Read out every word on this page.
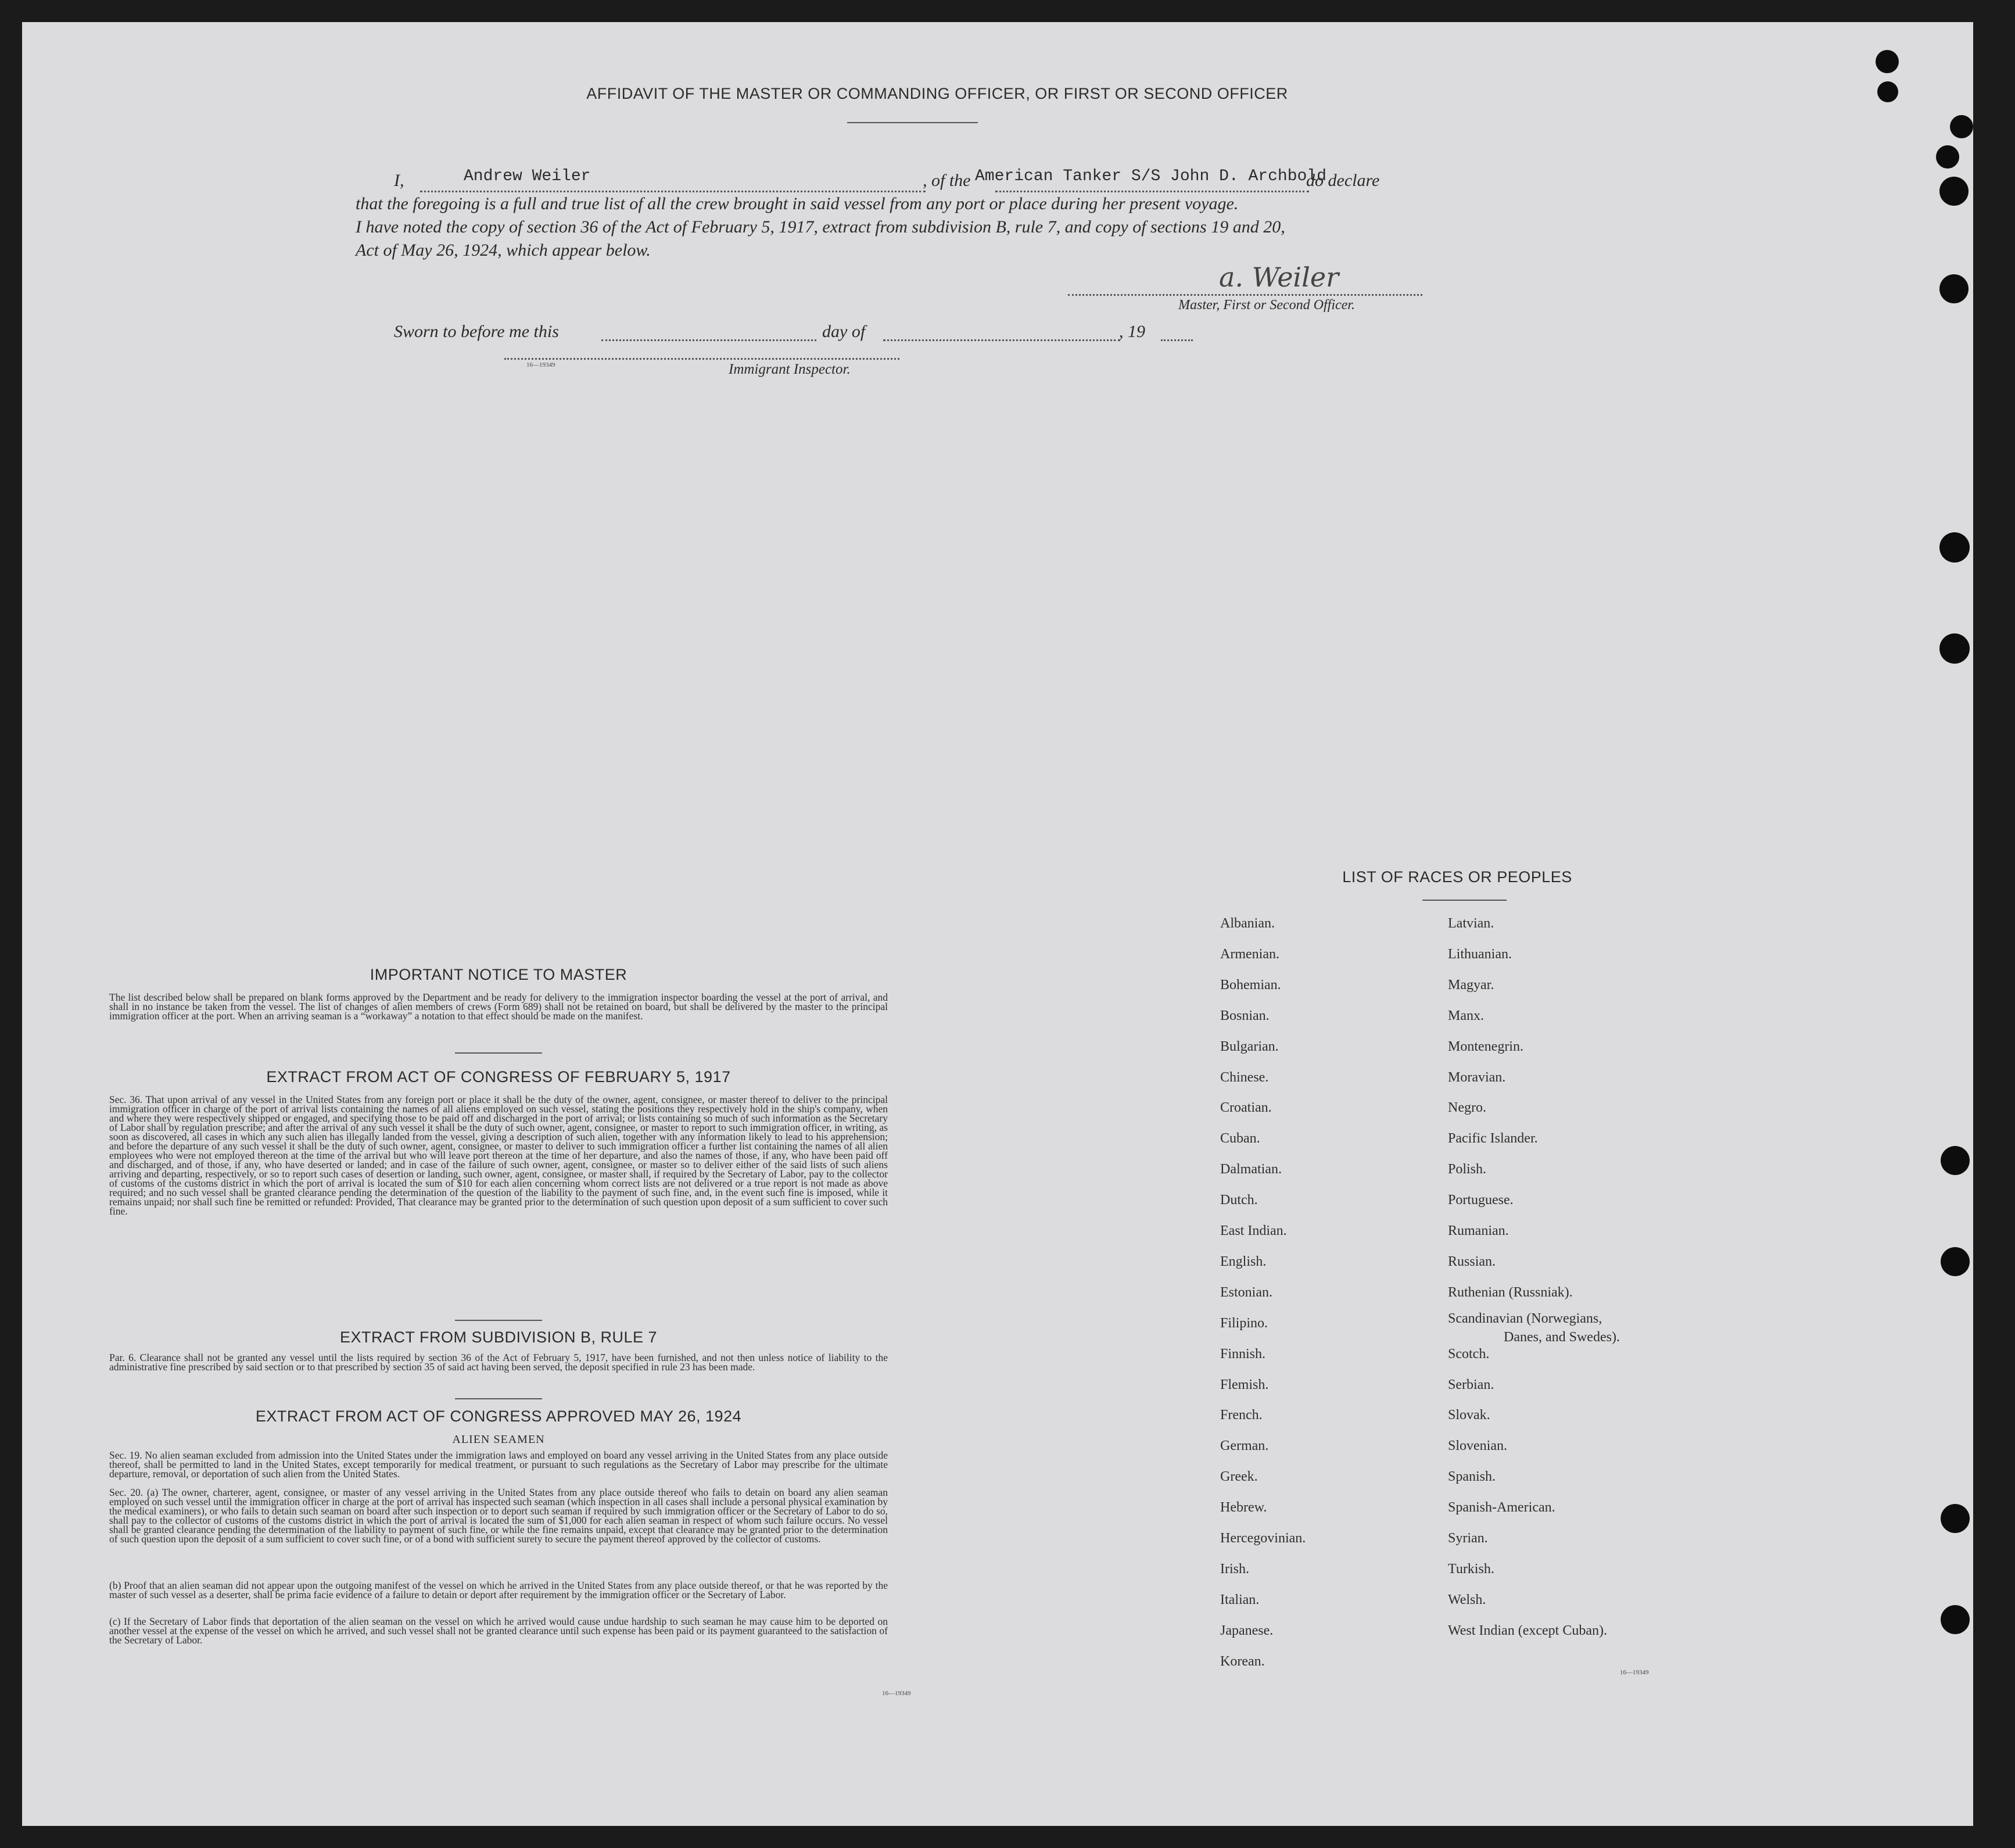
AFFIDAVIT OF THE MASTER OR COMMANDING OFFICER, OR FIRST OR SECOND OFFICER
I,	Andrew Weiler	, of the American Tanker S/S John D. Archbold
do declare
that the foregoing is a full and true list of all the crew brought in said vessel from any port or place during her present voyage.
I have noted the copy of section 36 of the Act of February 5, 1917, extract from subdivision B, rule 7, and copy of sections 19 and 20,
Act of May 26, 1924, which appear below.
a. Weiler
Master, First or Second Officer.
Sworn to before me this	day of	, 19
16—19349	Immigrant Inspector.
IMPORTANT NOTICE TO MASTER
The list described below shall be prepared on blank forms approved by the Department and be ready for delivery to the immigration inspector boarding the vessel at the port of arrival, and shall in no instance be taken from the vessel. The list of changes of alien members of crews (Form 689) shall not be retained on board, but shall be delivered by the master to the principal immigration officer at the port. When an arriving seaman is a “workaway” a notation to that effect should be made on the manifest.
EXTRACT FROM ACT OF CONGRESS OF FEBRUARY 5, 1917
Sec. 36. That upon arrival of any vessel in the United States from any foreign port or place it shall be the duty of the owner, agent, consignee, or master thereof to deliver to the principal immigration officer in charge of the port of arrival lists containing the names of all aliens employed on such vessel, stating the positions they respectively hold in the ship's company, when and where they were respectively shipped or engaged, and specifying those to be paid off and discharged in the port of arrival; or lists containing so much of such information as the Secretary of Labor shall by regulation prescribe; and after the arrival of any such vessel it shall be the duty of such owner, agent, consignee, or master to report to such immigration officer, in writing, as soon as discovered, all cases in which any such alien has illegally landed from the vessel, giving a description of such alien, together with any information likely to lead to his apprehension; and before the departure of any such vessel it shall be the duty of such owner, agent, consignee, or master to deliver to such immigration officer a further list containing the names of all alien employees who were not employed thereon at the time of the arrival but who will leave port thereon at the time of her departure, and also the names of those, if any, who have been paid off and discharged, and of those, if any, who have deserted or landed; and in case of the failure of such owner, agent, consignee, or master so to deliver either of the said lists of such aliens arriving and departing, respectively, or so to report such cases of desertion or landing, such owner, agent, consignee, or master shall, if required by the Secretary of Labor, pay to the collector of customs of the customs district in which the port of arrival is located the sum of $10 for each alien concerning whom correct lists are not delivered or a true report is not made as above required; and no such vessel shall be granted clearance pending the determination of the question of the liability to the payment of such fine, and, in the event such fine is imposed, while it remains unpaid; nor shall such fine be remitted or refunded: Provided, That clearance may be granted prior to the determination of such question upon deposit of a sum sufficient to cover such fine.
EXTRACT FROM SUBDIVISION B, RULE 7
Par. 6. Clearance shall not be granted any vessel until the lists required by section 36 of the Act of February 5, 1917, have been furnished, and not then unless notice of liability to the administrative fine prescribed by said section or to that prescribed by section 35 of said act having been served, the deposit specified in rule 23 has been made.
EXTRACT FROM ACT OF CONGRESS APPROVED MAY 26, 1924
ALIEN SEAMEN
Sec. 19. No alien seaman excluded from admission into the United States under the immigration laws and employed on board any vessel arriving in the United States from any place outside thereof, shall be permitted to land in the United States, except temporarily for medical treatment, or pursuant to such regulations as the Secretary of Labor may prescribe for the ultimate departure, removal, or deportation of such alien from the United States.
Sec. 20. (a) The owner, charterer, agent, consignee, or master of any vessel arriving in the United States from any place outside thereof who fails to detain on board any alien seaman employed on such vessel until the immigration officer in charge at the port of arrival has inspected such seaman (which inspection in all cases shall include a personal physical examination by the medical examiners), or who fails to detain such seaman on board after such inspection or to deport such seaman if required by such immigration officer or the Secretary of Labor to do so, shall pay to the collector of customs of the customs district in which the port of arrival is located the sum of $1,000 for each alien seaman in respect of whom such failure occurs. No vessel shall be granted clearance pending the determination of the liability to payment of such fine, or while the fine remains unpaid, except that clearance may be granted prior to the determination of such question upon the deposit of a sum sufficient to cover such fine, or of a bond with sufficient surety to secure the payment thereof approved by the collector of customs.
(b) Proof that an alien seaman did not appear upon the outgoing manifest of the vessel on which he arrived in the United States from any place outside thereof, or that he was reported by the master of such vessel as a deserter, shall be prima facie evidence of a failure to detain or deport after requirement by the immigration officer or the Secretary of Labor.
(c) If the Secretary of Labor finds that deportation of the alien seaman on the vessel on which he arrived would cause undue hardship to such seaman he may cause him to be deported on another vessel at the expense of the vessel on which he arrived, and such vessel shall not be granted clearance until such expense has been paid or its payment guaranteed to the satisfaction of the Secretary of Labor.
16—19349
LIST OF RACES OR PEOPLES
Albanian.
Armenian.
Bohemian.
Bosnian.
Bulgarian.
Chinese.
Croatian.
Cuban.
Dalmatian.
Dutch.
East Indian.
English.
Estonian.
Filipino.
Finnish.
Flemish.
French.
German.
Greek.
Hebrew.
Hercegovinian.
Irish.
Italian.
Japanese.
Korean.
Latvian.
Lithuanian.
Magyar.
Manx.
Montenegrin.
Moravian.
Negro.
Pacific Islander.
Polish.
Portuguese.
Rumanian.
Russian.
Ruthenian (Russniak).
Scandinavian (Norwegians,
Danes, and Swedes).
Scotch.
Serbian.
Slovak.
Slovenian.
Spanish.
Spanish-American.
Syrian.
Turkish.
Welsh.
West Indian (except Cuban).
16—19349
